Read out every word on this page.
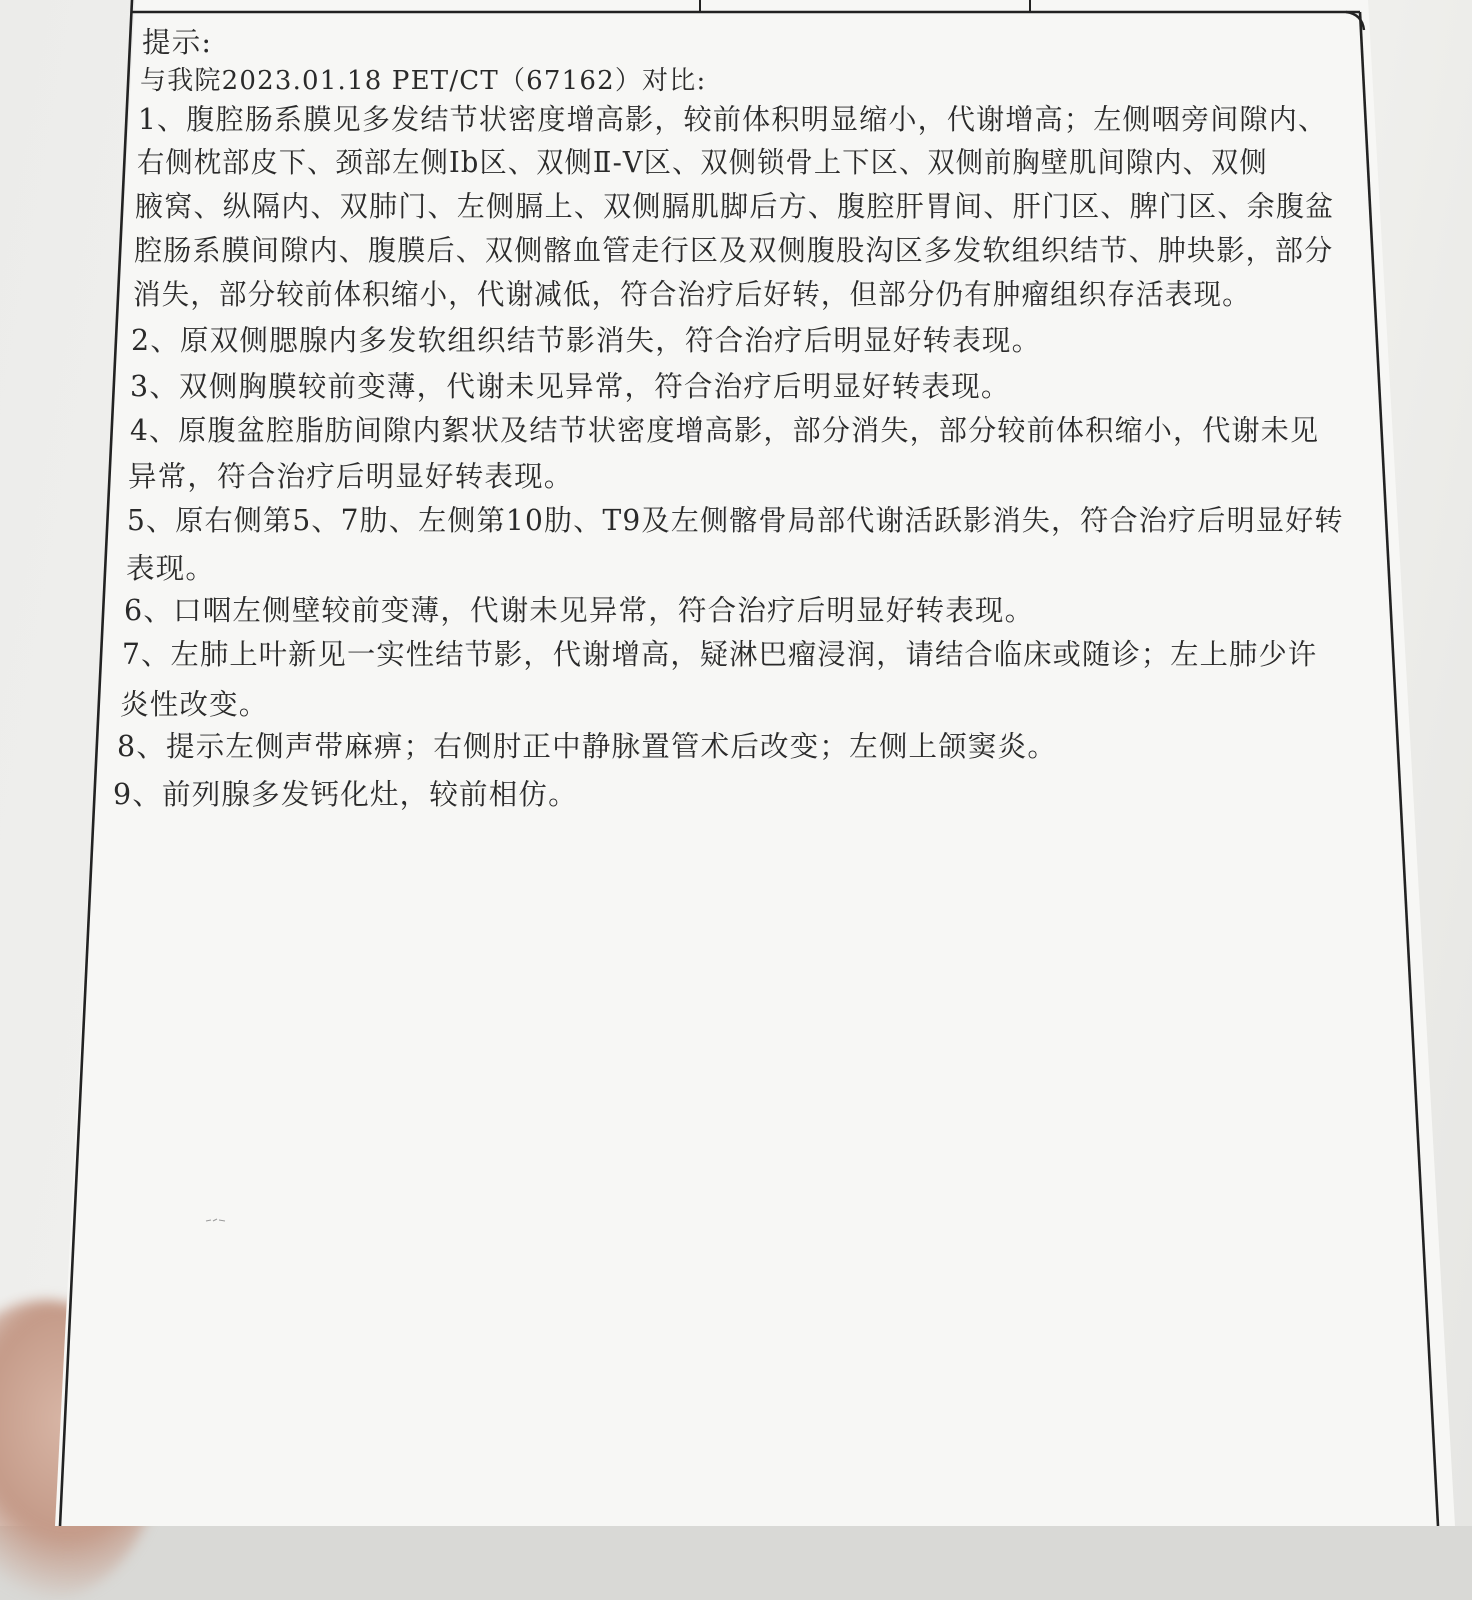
提示:
与我院2023.01.18 PET/CT（67162）对比:
1、腹腔肠系膜见多发结节状密度增高影，较前体积明显缩小，代谢增高；左侧咽旁间隙内、
右侧枕部皮下、颈部左侧Ⅰb区、双侧Ⅱ-Ⅴ区、双侧锁骨上下区、双侧前胸壁肌间隙内、双侧
腋窝、纵隔内、双肺门、左侧膈上、双侧膈肌脚后方、腹腔肝胃间、肝门区、脾门区、余腹盆
腔肠系膜间隙内、腹膜后、双侧髂血管走行区及双侧腹股沟区多发软组织结节、肿块影，部分
消失，部分较前体积缩小，代谢减低，符合治疗后好转，但部分仍有肿瘤组织存活表现。
2、原双侧腮腺内多发软组织结节影消失，符合治疗后明显好转表现。
3、双侧胸膜较前变薄，代谢未见异常，符合治疗后明显好转表现。
4、原腹盆腔脂肪间隙内絮状及结节状密度增高影，部分消失，部分较前体积缩小，代谢未见
异常，符合治疗后明显好转表现。
5、原右侧第5、7肋、左侧第10肋、T9及左侧髂骨局部代谢活跃影消失，符合治疗后明显好转
表现。
6、口咽左侧壁较前变薄，代谢未见异常，符合治疗后明显好转表现。
7、左肺上叶新见一实性结节影，代谢增高，疑淋巴瘤浸润，请结合临床或随诊；左上肺少许
炎性改变。
8、提示左侧声带麻痹；右侧肘正中静脉置管术后改变；左侧上颌窦炎。
9、前列腺多发钙化灶，较前相仿。
